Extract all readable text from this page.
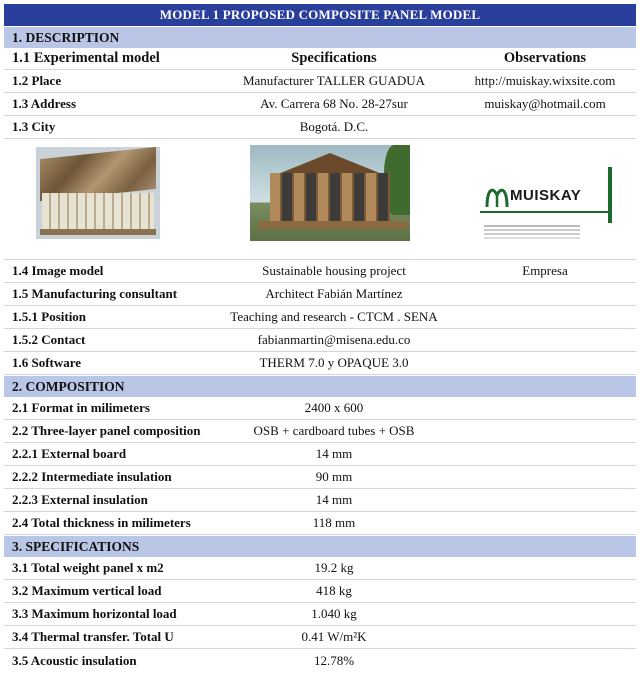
MODEL 1 PROPOSED COMPOSITE PANEL MODEL
1. DESCRIPTION
1.1 Experimental model	Specifications	Observations
1.2 Place	Manufacturer TALLER GUADUA	http://muiskay.wixsite.com
1.3 Address	Av. Carrera 68 No. 28-27sur	muiskay@hotmail.com
1.3 City	Bogotá. D.C.
MUISKAY
1.4 Image model	Sustainable housing project	Empresa
1.5 Manufacturing consultant	Architect Fabián Martínez
1.5.1 Position	Teaching and research - CTCM . SENA
1.5.2 Contact	fabianmartin@misena.edu.co
1.6 Software	THERM 7.0 y OPAQUE 3.0
2. COMPOSITION
2.1 Format in milimeters	2400 x 600
2.2 Three-layer panel composition	OSB + cardboard tubes + OSB
2.2.1 External board	14 mm
2.2.2 Intermediate insulation	90 mm
2.2.3 External insulation	14 mm
2.4 Total thickness in milimeters	118 mm
3. SPECIFICATIONS
3.1 Total weight panel x m2	19.2 kg
3.2 Maximum vertical load	418 kg
3.3 Maximum horizontal load	1.040 kg
3.4 Thermal transfer. Total U	0.41 W/m²K
3.5 Acoustic insulation	12.78%
